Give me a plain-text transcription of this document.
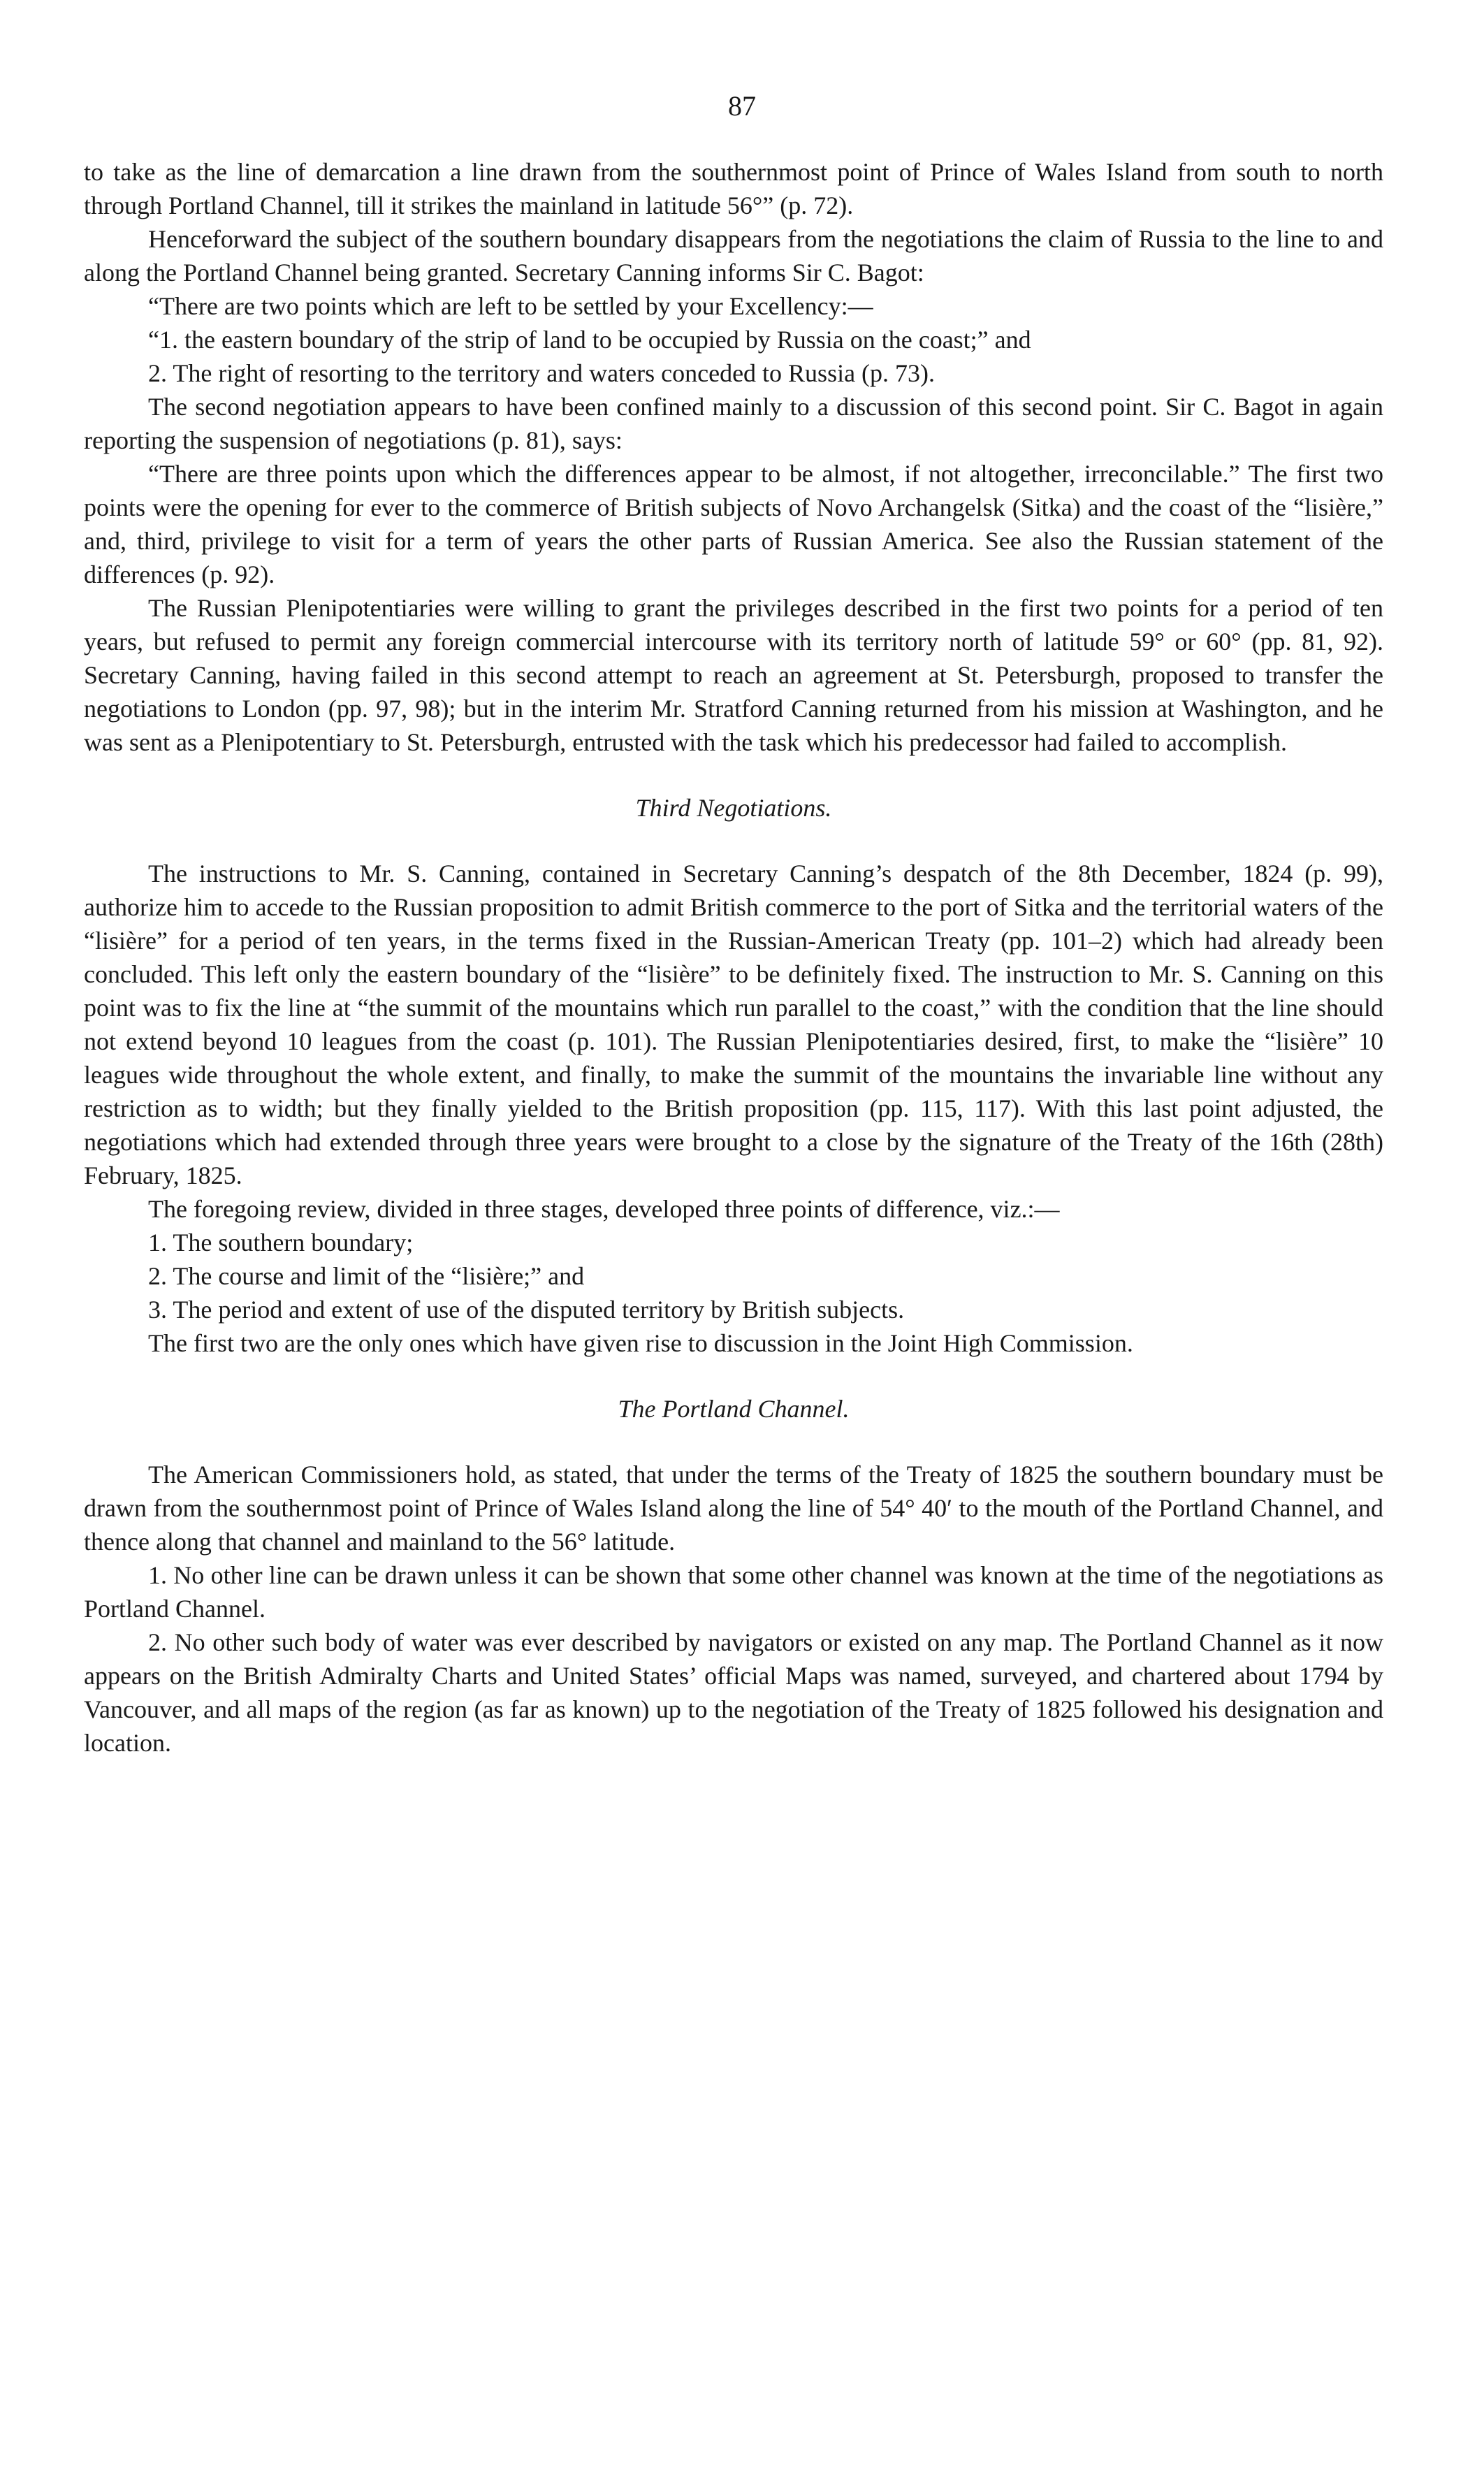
87

to take as the line of demarcation a line drawn from the southernmost point of Prince of Wales Island from south to north through Portland Channel, till it strikes the mainland in latitude 56°” (p. 72).

Henceforward the subject of the southern boundary disappears from the negotiations the claim of Russia to the line to and along the Portland Channel being granted. Secretary Canning informs Sir C. Bagot:

“There are two points which are left to be settled by your Excellency:—

“1. the eastern boundary of the strip of land to be occupied by Russia on the coast;” and

2. The right of resorting to the territory and waters conceded to Russia (p. 73).

The second negotiation appears to have been confined mainly to a discussion of this second point. Sir C. Bagot in again reporting the suspension of negotiations (p. 81), says:

“There are three points upon which the differences appear to be almost, if not altogether, irreconcilable.” The first two points were the opening for ever to the commerce of British subjects of Novo Archangelsk (Sitka) and the coast of the “lisière,” and, third, privilege to visit for a term of years the other parts of Russian America. See also the Russian statement of the differences (p. 92).

The Russian Plenipotentiaries were willing to grant the privileges described in the first two points for a period of ten years, but refused to permit any foreign commercial intercourse with its territory north of latitude 59° or 60° (pp. 81, 92). Secretary Canning, having failed in this second attempt to reach an agreement at St. Petersburgh, proposed to transfer the negotiations to London (pp. 97, 98); but in the interim Mr. Stratford Canning returned from his mission at Washington, and he was sent as a Plenipotentiary to St. Petersburgh, entrusted with the task which his predecessor had failed to accomplish.

Third Negotiations.

The instructions to Mr. S. Canning, contained in Secretary Canning’s despatch of the 8th December, 1824 (p. 99), authorize him to accede to the Russian proposition to admit British commerce to the port of Sitka and the territorial waters of the “lisière” for a period of ten years, in the terms fixed in the Russian-American Treaty (pp. 101–2) which had already been concluded. This left only the eastern boundary of the “lisière” to be definitely fixed. The instruction to Mr. S. Canning on this point was to fix the line at “the summit of the mountains which run parallel to the coast,” with the condition that the line should not extend beyond 10 leagues from the coast (p. 101). The Russian Plenipotentiaries desired, first, to make the “lisière” 10 leagues wide throughout the whole extent, and finally, to make the summit of the mountains the invariable line without any restriction as to width; but they finally yielded to the British proposition (pp. 115, 117). With this last point adjusted, the negotiations which had extended through three years were brought to a close by the signature of the Treaty of the 16th (28th) February, 1825.

The foregoing review, divided in three stages, developed three points of difference, viz.:—

1. The southern boundary;
2. The course and limit of the “lisière;” and
3. The period and extent of use of the disputed territory by British subjects.

The first two are the only ones which have given rise to discussion in the Joint High Commission.

The Portland Channel.

The American Commissioners hold, as stated, that under the terms of the Treaty of 1825 the southern boundary must be drawn from the southernmost point of Prince of Wales Island along the line of 54° 40′ to the mouth of the Portland Channel, and thence along that channel and mainland to the 56° latitude.

1. No other line can be drawn unless it can be shown that some other channel was known at the time of the negotiations as Portland Channel.

2. No other such body of water was ever described by navigators or existed on any map. The Portland Channel as it now appears on the British Admiralty Charts and United States’ official Maps was named, surveyed, and chartered about 1794 by Vancouver, and all maps of the region (as far as known) up to the negotiation of the Treaty of 1825 followed his designation and location.
